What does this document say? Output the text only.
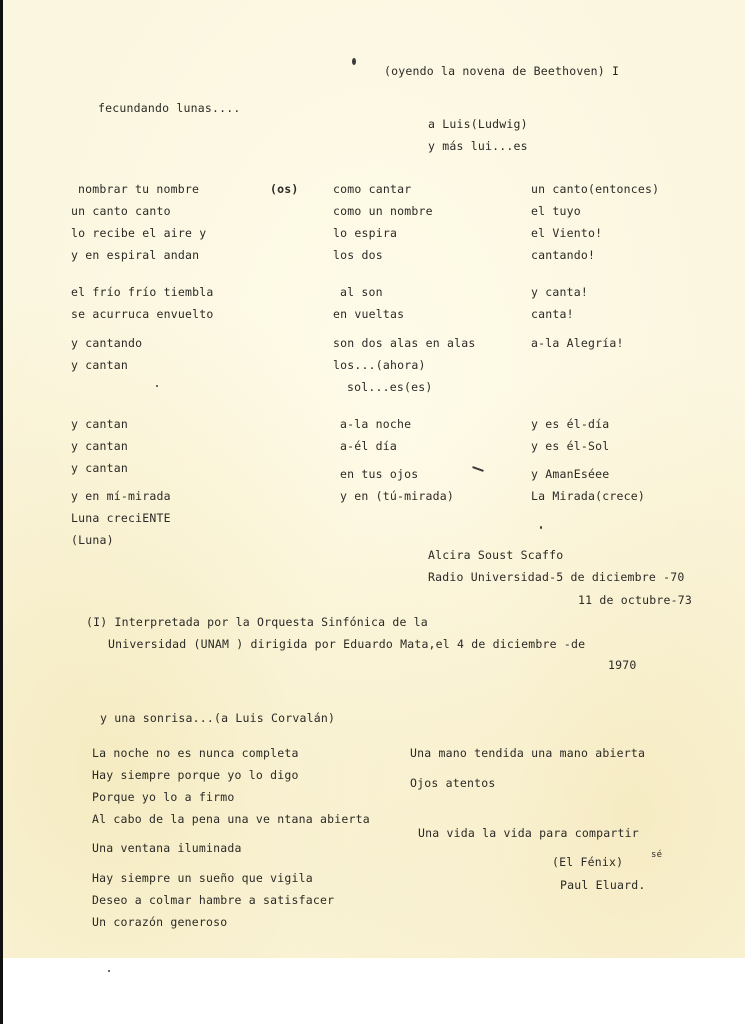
(oyendo la novena de Beethoven) I
fecundando lunas....
a Luis(Ludwig)
y más lui...es
nombrar tu nombre
un canto canto
lo recibe el aire y
y en espiral andan
el frío frío tiembla
se acurruca envuelto
y cantando
y cantan
y cantan
y cantan
y cantan
y en mí-mirada
Luna creciENTE
(Luna)
(os)	como cantar
como un nombre
lo espira
los dos
al son
en vueltas
son dos alas en alas
los...(ahora)
sol...es(es)
a-la noche
a-él día
en tus ojos
y en (tú-mirada)
un canto(entonces)
el tuyo
el Viento!
cantando!
y canta!
canta!
a-la Alegría!
y es él-día
y es él-Sol
y AmanEséee
La Mirada(crece)
Alcira Soust Scaffo
Radio Universidad-5 de diciembre -70
11 de octubre-73
(I) Interpretada por la Orquesta Sinfónica de la
Universidad (UNAM ) dirigida por Eduardo Mata,el 4 de diciembre -de
1970
y una sonrisa...(a Luis Corvalán)
La noche no es nunca completa
Hay siempre porque yo lo digo
Porque yo lo a firmo
Al cabo de la pena una ve ntana abierta
Una ventana iluminada
Hay siempre un sueño que vigila
Deseo a colmar hambre a satisfacer
Un corazón generoso
Una mano tendida una mano abierta
Ojos atentos
Una vida la vida para compartir
(El Fénix)	sé
Paul Eluard.
